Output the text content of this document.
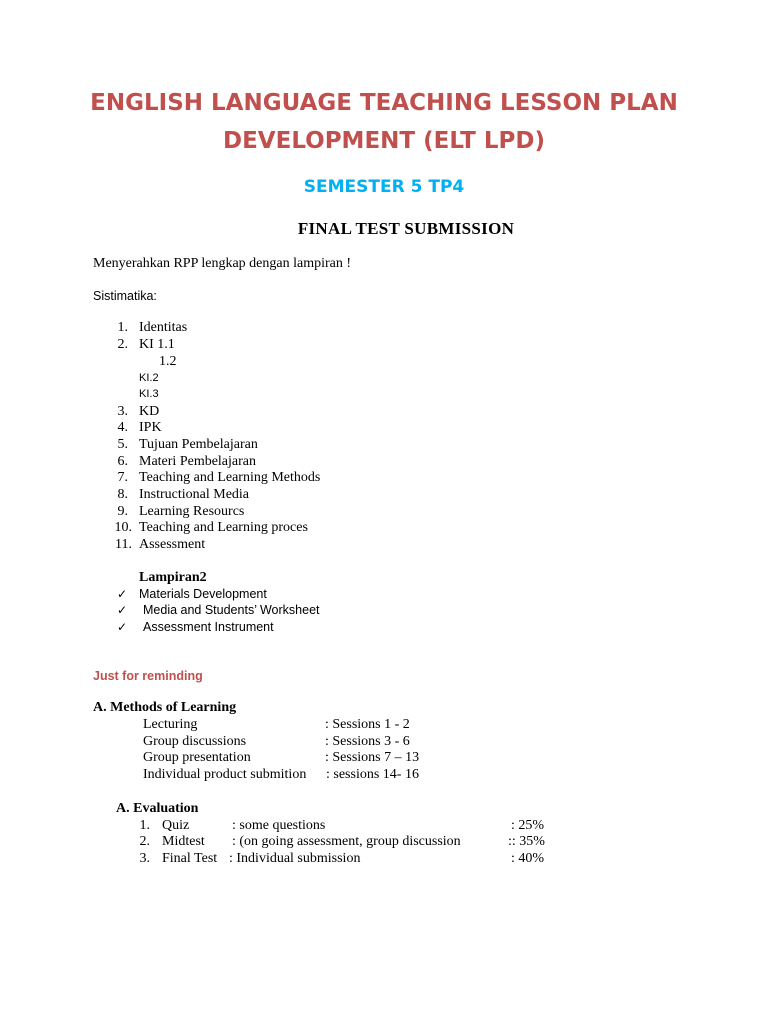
ENGLISH LANGUAGE TEACHING LESSON PLAN
DEVELOPMENT (ELT LPD)
SEMESTER 5 TP4
FINAL TEST SUBMISSION
Menyerahkan RPP lengkap dengan lampiran !
Sistimatika:
1. Identitas
2. KI 1.1
1.2
KI.2
KI.3
3. KD
4. IPK
5. Tujuan Pembelajaran
6. Materi Pembelajaran
7. Teaching and Learning Methods
8. Instructional Media
9. Learning Resourcs
10. Teaching and Learning proces
11. Assessment
Lampiran2
✓ Materials Development
✓ Media and Students’ Worksheet
✓ Assessment Instrument
Just for reminding
A. Methods of Learning
Lecturing	: Sessions 1 - 2
Group discussions	: Sessions 3 - 6
Group presentation	: Sessions 7 – 13
Individual product submition : sessions 14- 16
A. Evaluation
1. Quiz	: some questions	: 25%
2. Midtest : (on going assessment, group discussion	:: 35%
3. Final Test : Individual submission	: 40%
